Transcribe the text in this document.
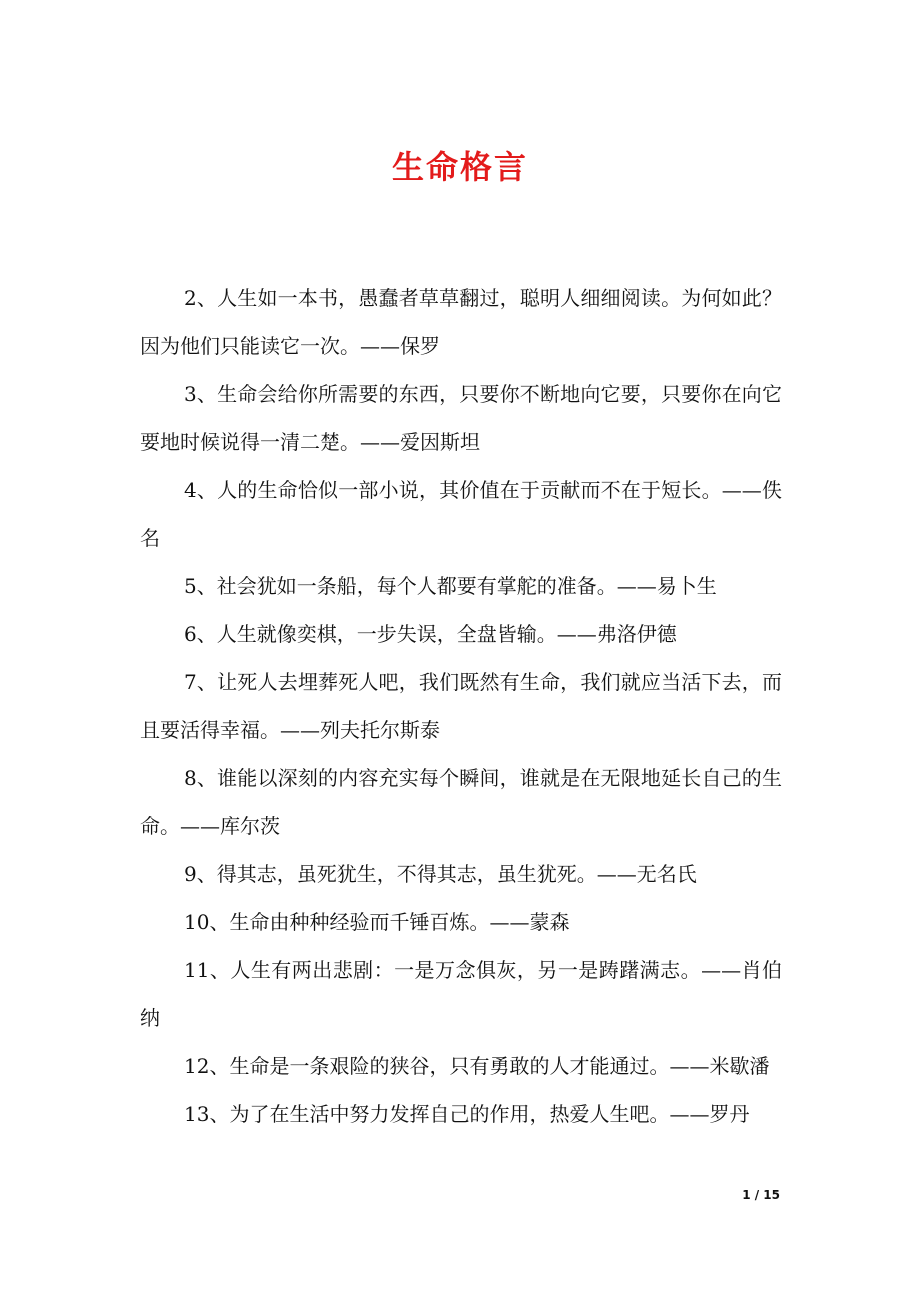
生命格言

2、人生如一本书，愚蠢者草草翻过，聪明人细细阅读。为何如此？因为他们只能读它一次。——保罗

3、生命会给你所需要的东西，只要你不断地向它要，只要你在向它要地时候说得一清二楚。——爱因斯坦

4、人的生命恰似一部小说，其价值在于贡献而不在于短长。——佚名

5、社会犹如一条船，每个人都要有掌舵的准备。——易卜生

6、人生就像奕棋，一步失误，全盘皆输。——弗洛伊德

7、让死人去埋葬死人吧，我们既然有生命，我们就应当活下去，而且要活得幸福。——列夫托尔斯泰

8、谁能以深刻的内容充实每个瞬间，谁就是在无限地延长自己的生命。——库尔茨

9、得其志，虽死犹生，不得其志，虽生犹死。——无名氏

10、生命由种种经验而千锤百炼。——蒙森

11、人生有两出悲剧：一是万念俱灰，另一是踌躇满志。——肖伯纳

12、生命是一条艰险的狭谷，只有勇敢的人才能通过。——米歇潘

13、为了在生活中努力发挥自己的作用，热爱人生吧。——罗丹

1 / 15
